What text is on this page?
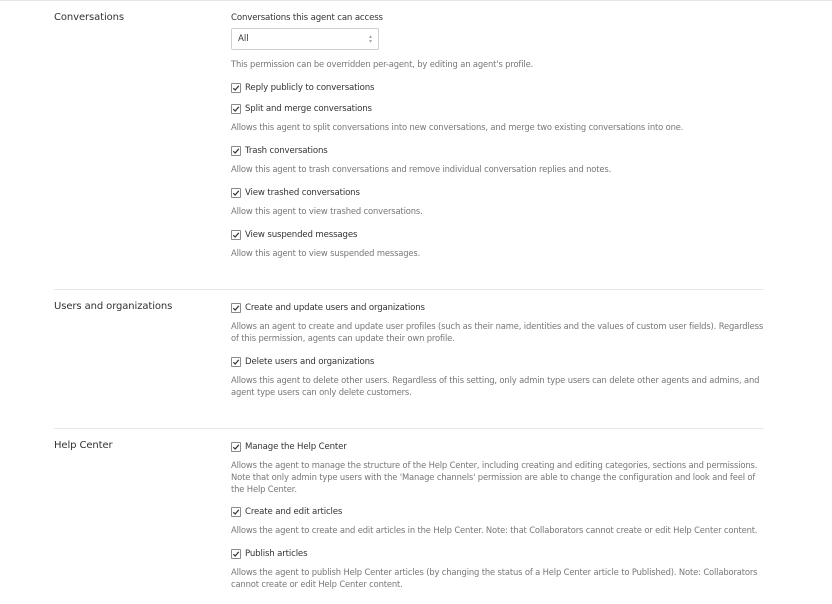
Conversations	Conversations this agent can access
All	▴
▾
This permission can be overridden per-agent, by editing an agent's profile.
Reply publicly to conversations
Split and merge conversations
Allows this agent to split conversations into new conversations, and merge two existing conversations into one.
Trash conversations
Allow this agent to trash conversations and remove individual conversation replies and notes.
View trashed conversations
Allow this agent to view trashed conversations.
View suspended messages
Allow this agent to view suspended messages.
Users and organizations	Create and update users and organizations
Allows an agent to create and update user profiles (such as their name, identities and the values of custom user fields). Regardless of this permission, agents can update their own profile.
Delete users and organizations
Allows this agent to delete other users. Regardless of this setting, only admin type users can delete other agents and admins, and agent type users can only delete customers.
Help Center	Manage the Help Center
Allows the agent to manage the structure of the Help Center, including creating and editing categories, sections and permissions. Note that only admin type users with the 'Manage channels' permission are able to change the configuration and look and feel of the Help Center.
Create and edit articles
Allows the agent to create and edit articles in the Help Center. Note: that Collaborators cannot create or edit Help Center content.
Publish articles
Allows the agent to publish Help Center articles (by changing the status of a Help Center article to Published). Note: Collaborators cannot create or edit Help Center content.
